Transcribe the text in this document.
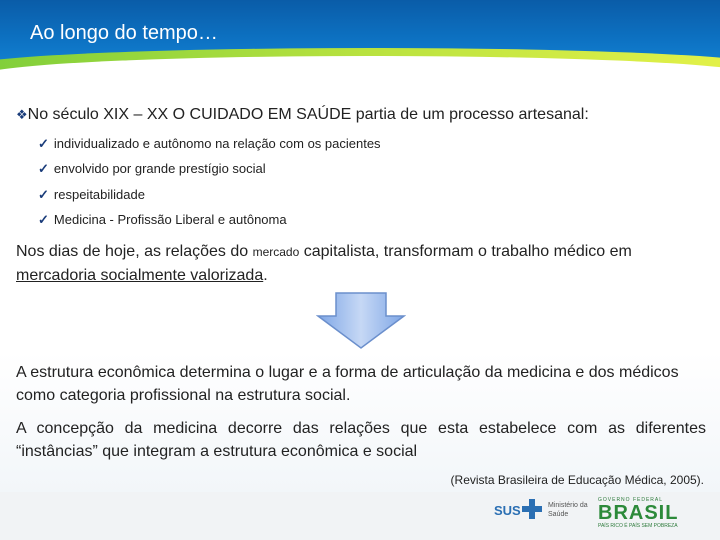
Ao longo do tempo…
❖No século XIX – XX O CUIDADO EM SAÚDE partia de um processo artesanal:
✓ individualizado e autônomo na relação com os pacientes
✓ envolvido por grande prestígio social
✓ respeitabilidade
✓ Medicina - Profissão Liberal e autônoma
Nos dias de hoje, as relações do mercado capitalista, transformam o trabalho médico em mercadoria socialmente valorizada.
A estrutura econômica determina o lugar e a forma de articulação da medicina e dos médicos como categoria profissional na estrutura social.
A concepção da medicina decorre das relações que esta estabelece com as diferentes “instâncias” que integram a estrutura econômica e social
(Revista Brasileira de Educação Médica, 2005).
SUS	Ministério da Saúde
GOVERNO FEDERAL
BRASIL
PAÍS RICO É PAÍS SEM POBREZA
